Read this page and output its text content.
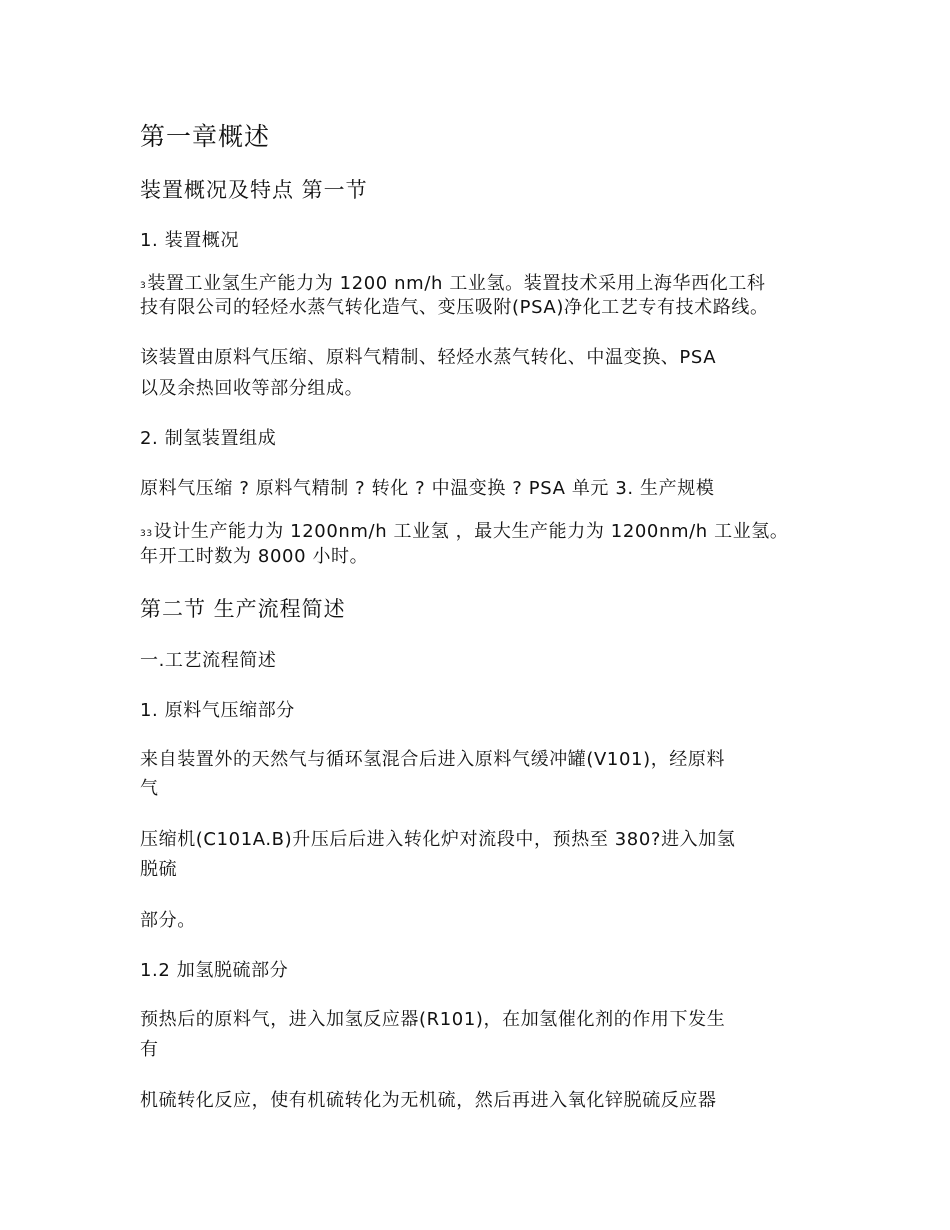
第一章概述
装置概况及特点 第一节
1. 装置概况
3装置工业氢生产能力为 1200 nm/h 工业氢。装置技术采用上海华西化工科
技有限公司的轻烃水蒸气转化造气、变压吸附(PSA)净化工艺专有技术路线。
该装置由原料气压缩、原料气精制、轻烃水蒸气转化、中温变换、PSA
以及余热回收等部分组成。
2. 制氢装置组成
原料气压缩 ? 原料气精制 ? 转化 ? 中温变换 ? PSA 单元 3. 生产规模
33设计生产能力为 1200nm/h 工业氢 ，最大生产能力为 1200nm/h 工业氢。
年开工时数为 8000 小时。
第二节 生产流程简述
一.工艺流程简述
1. 原料气压缩部分
来自装置外的天然气与循环氢混合后进入原料气缓冲罐(V101)，经原料
气
压缩机(C101A.B)升压后后进入转化炉对流段中，预热至 380?进入加氢
脱硫
部分。
1.2 加氢脱硫部分
预热后的原料气，进入加氢反应器(R101)，在加氢催化剂的作用下发生
有
机硫转化反应，使有机硫转化为无机硫，然后再进入氧化锌脱硫反应器
